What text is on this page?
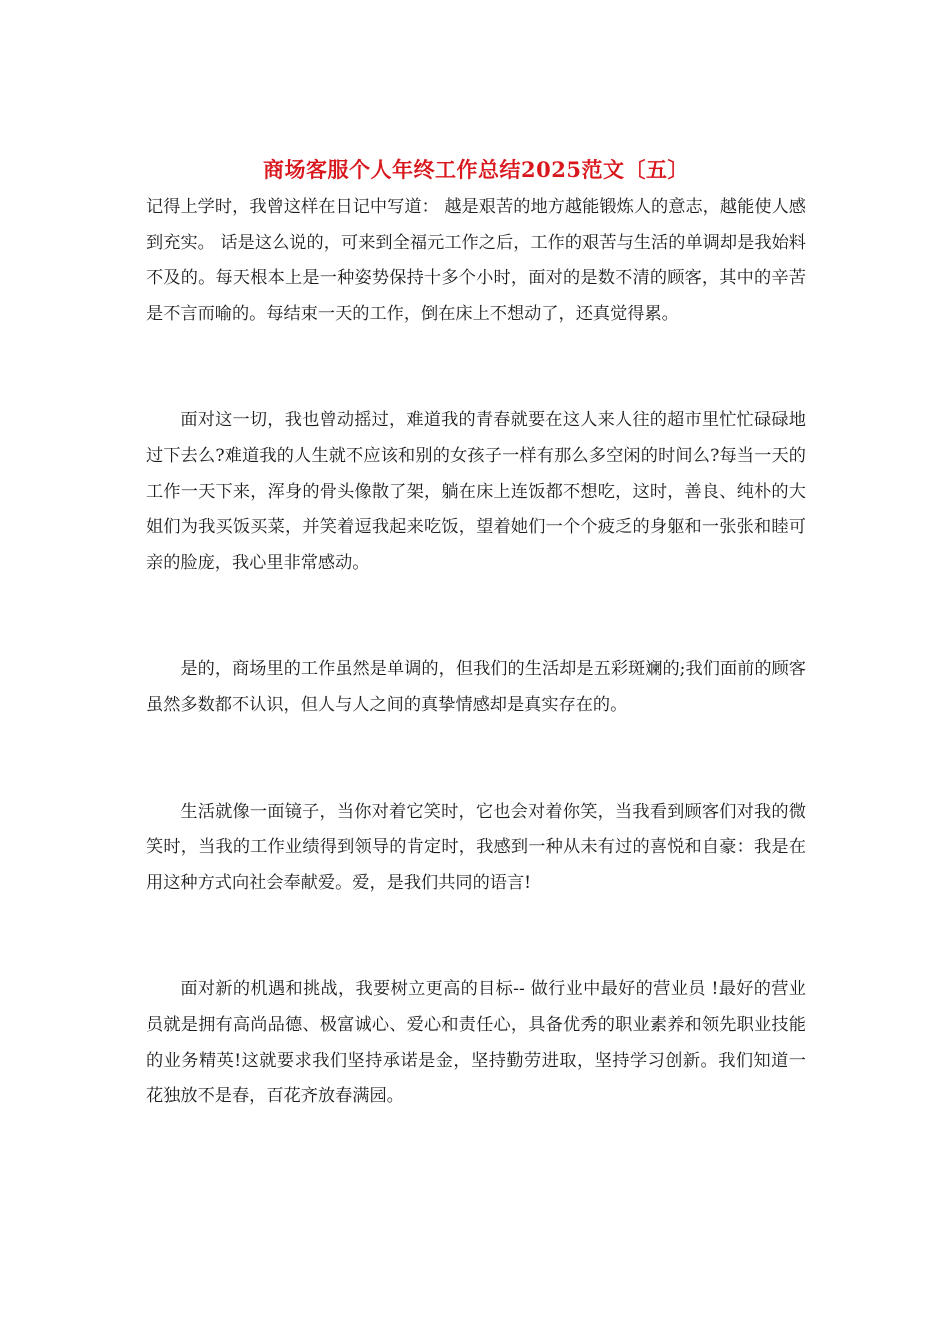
商场客服个人年终工作总结2025范文〔五〕

记得上学时，我曾这样在日记中写道： 越是艰苦的地方越能锻炼人的意志，越能使人感到充实。 话是这么说的，可来到全福元工作之后，工作的艰苦与生活的单调却是我始料不及的。每天根本上是一种姿势保持十多个小时，面对的是数不清的顾客，其中的辛苦是不言而喻的。每结束一天的工作，倒在床上不想动了，还真觉得累。

面对这一切，我也曾动摇过，难道我的青春就要在这人来人往的超市里忙忙碌碌地过下去么?难道我的人生就不应该和别的女孩子一样有那么多空闲的时间么?每当一天的工作一天下来，浑身的骨头像散了架，躺在床上连饭都不想吃，这时，善良、纯朴的大姐们为我买饭买菜，并笑着逗我起来吃饭，望着她们一个个疲乏的身躯和一张张和睦可亲的脸庞，我心里非常感动。

是的，商场里的工作虽然是单调的，但我们的生活却是五彩斑斓的;我们面前的顾客虽然多数都不认识，但人与人之间的真挚情感却是真实存在的。

生活就像一面镜子，当你对着它笑时，它也会对着你笑，当我看到顾客们对我的微笑时，当我的工作业绩得到领导的肯定时，我感到一种从未有过的喜悦和自豪：我是在用这种方式向社会奉献爱。爱，是我们共同的语言!

面对新的机遇和挑战，我要树立更高的目标-- 做行业中最好的营业员 !最好的营业员就是拥有高尚品德、极富诚心、爱心和责任心，具备优秀的职业素养和领先职业技能的业务精英!这就要求我们坚持承诺是金，坚持勤劳进取，坚持学习创新。我们知道一花独放不是春，百花齐放春满园。
